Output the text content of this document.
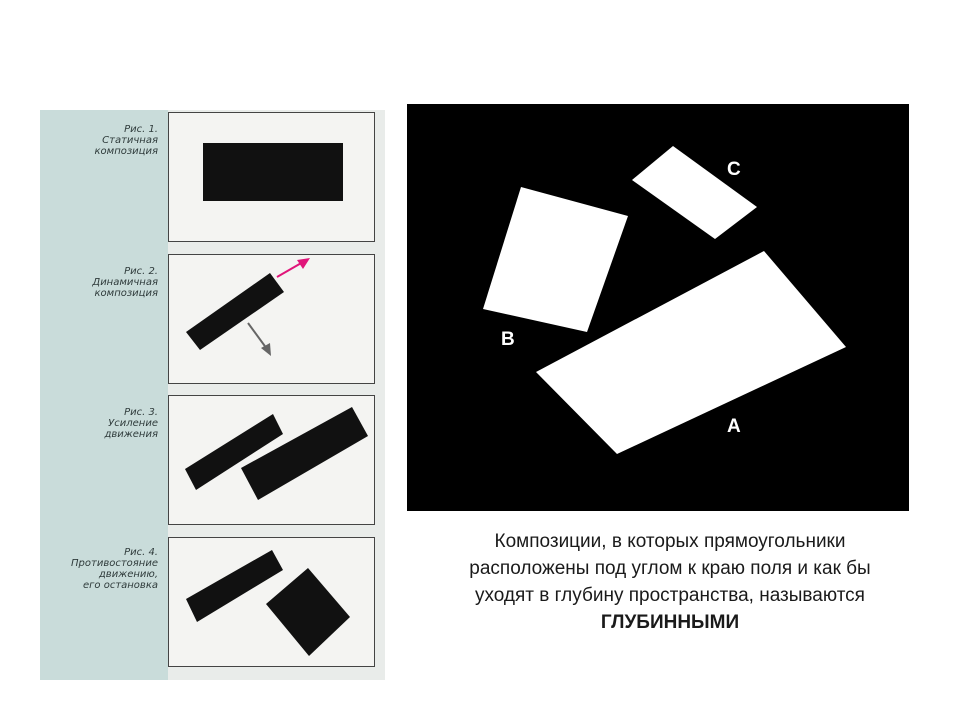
Рис. 1.
Статичная
композиция
Рис. 2.
Динамичная
композиция
Рис. 3.
Усиление
движения
Рис. 4.
Противостояние
движению,
его остановка
C
B
A
Композиции, в которых прямоугольники
расположены под углом к краю поля и как бы
уходят в глубину пространства, называются
ГЛУБИННЫМИ
